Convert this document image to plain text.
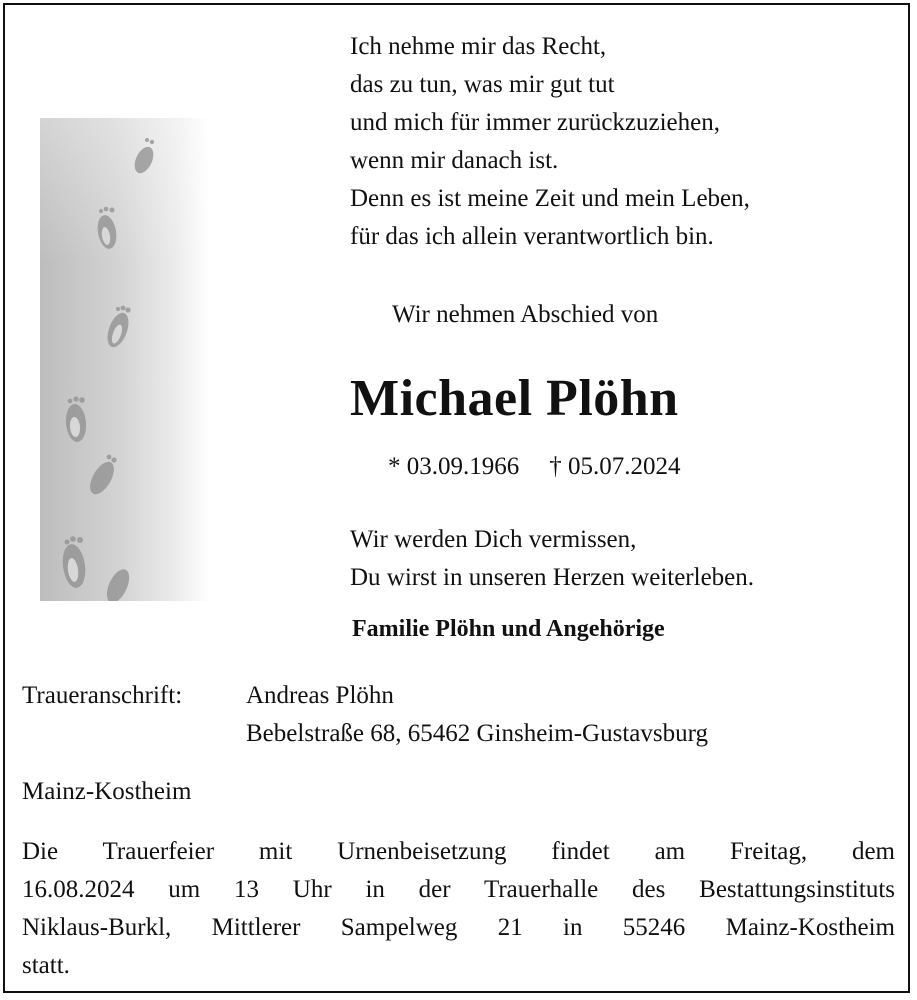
Ich nehme mir das Recht,
das zu tun, was mir gut tut
und mich für immer zurückzuziehen,
wenn mir danach ist.
Denn es ist meine Zeit und mein Leben,
für das ich allein verantwortlich bin.
Wir nehmen Abschied von
Michael Plöhn
* 03.09.1966 † 05.07.2024
Wir werden Dich vermissen,
Du wirst in unseren Herzen weiterleben.
Familie Plöhn und Angehörige
Traueranschrift:	Andreas Plöhn
Bebelstraße 68, 65462 Ginsheim-Gustavsburg
Mainz-Kostheim
Die Trauerfeier mit Urnenbeisetzung findet am Freitag, dem
16.08.2024 um 13 Uhr in der Trauerhalle des Bestattungsinstituts
Niklaus-Burkl, Mittlerer Sampelweg 21 in 55246 Mainz-Kostheim
statt.
